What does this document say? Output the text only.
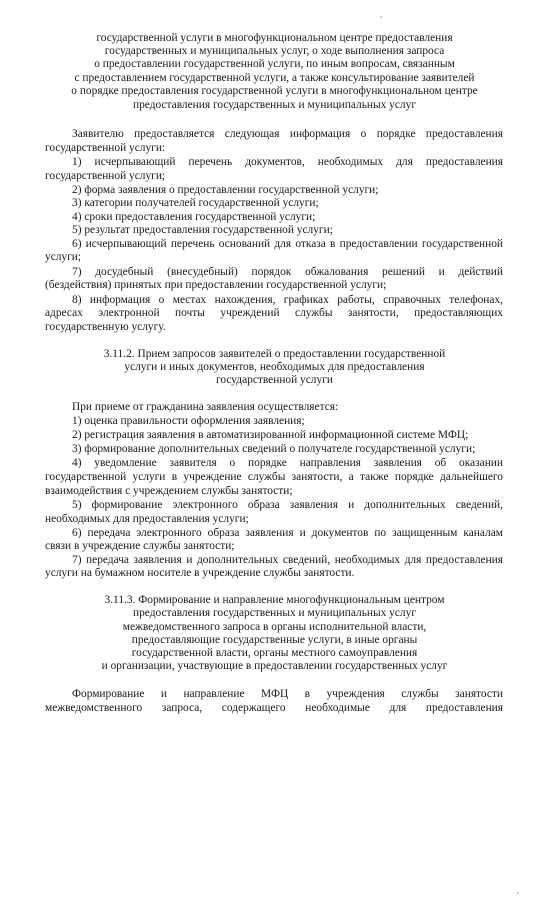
государственной услуги в многофункциональном центре предоставления
государственных и муниципальных услуг, о ходе выполнения запроса
о предоставлении государственной услуги, по иным вопросам, связанным
с предоставлением государственной услуги, а также консультирование заявителей
о порядке предоставления государственной услуги в многофункциональном центре
предоставления государственных и муниципальных услуг
Заявителю предоставляется следующая информация о порядке предоставления
государственной услуги:
1) исчерпывающий перечень документов, необходимых для предоставления
государственной услуги;
2) форма заявления о предоставлении государственной услуги;
3) категории получателей государственной услуги;
4) сроки предоставления государственной услуги;
5) результат предоставления государственной услуги;
6) исчерпывающий перечень оснований для отказа в предоставлении государственной
услуги;
7) досудебный (внесудебный) порядок обжалования решений и действий
(бездействия) принятых при предоставлении государственной услуги;
8) информация о местах нахождения, графиках работы, справочных телефонах,
адресах электронной почты учреждений службы занятости, предоставляющих
государственную услугу.
3.11.2. Прием запросов заявителей о предоставлении государственной
услуги и иных документов, необходимых для предоставления
государственной услуги
При приеме от гражданина заявления осуществляется:
1) оценка правильности оформления заявления;
2) регистрация заявления в автоматизированной информационной системе МФЦ;
3) формирование дополнительных сведений о получателе государственной услуги;
4) уведомление заявителя о порядке направления заявления об оказании
государственной услуги в учреждение службы занятости, а также порядке дальнейшего
взаимодействия с учреждением службы занятости;
5) формирование электронного образа заявления и дополнительных сведений,
необходимых для предоставления услуги;
6) передача электронного образа заявления и документов по защищенным каналам
связи в учреждение службы занятости;
7) передача заявления и дополнительных сведений, необходимых для предоставления
услуги на бумажном носителе в учреждение службы занятости.
3.11.3. Формирование и направление многофункциональным центром
предоставления государственных и муниципальных услуг
межведомственного запроса в органы исполнительной власти,
предоставляющие государственные услуги, в иные органы
государственной власти, органы местного самоуправления
и организации, участвующие в предоставлении государственных услуг
Формирование и направление МФЦ в учреждения службы занятости
межведомственного запроса, содержащего необходимые для предоставления
